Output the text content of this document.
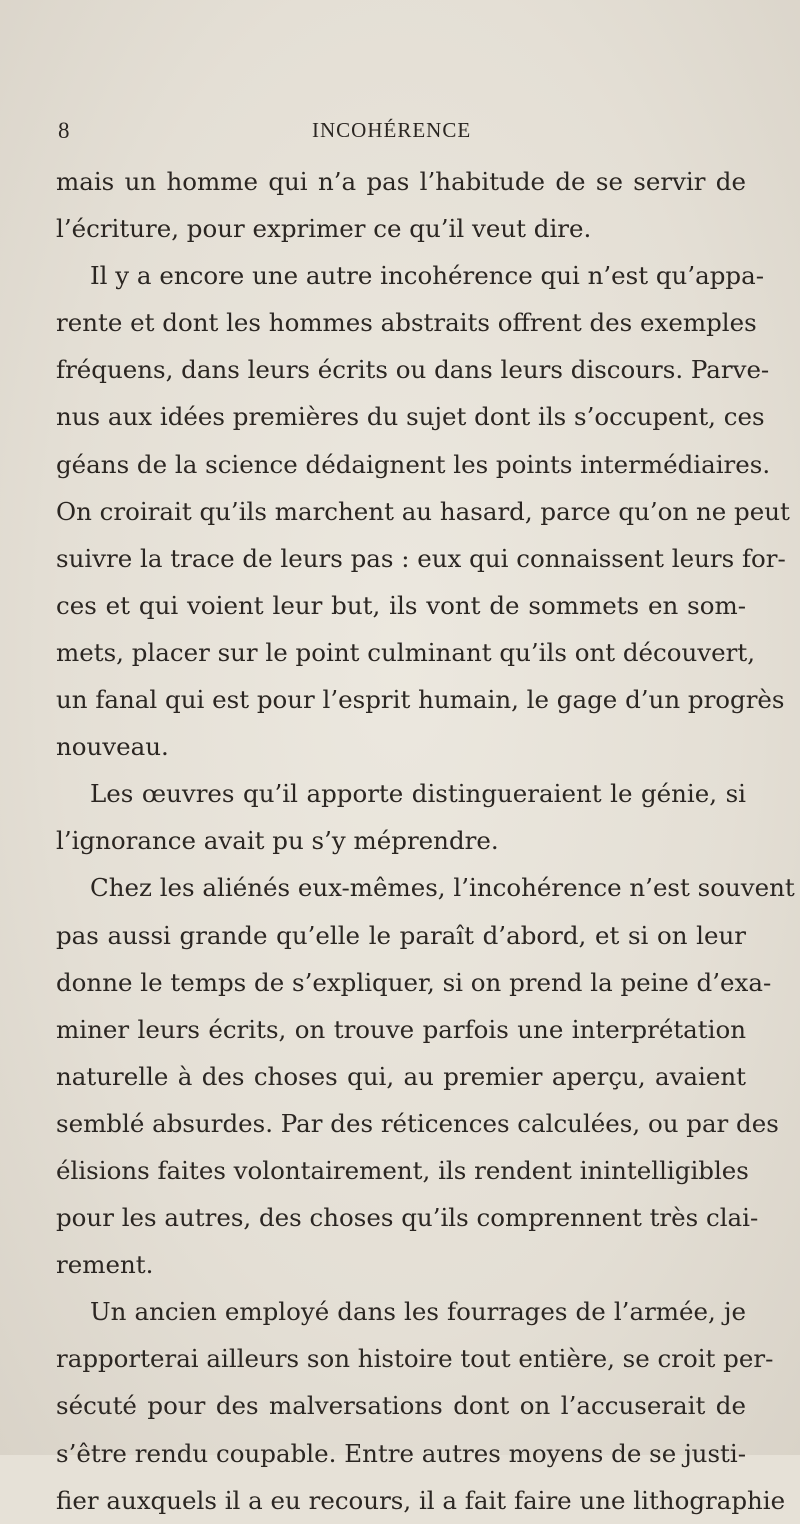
8	INCOHÉRENCE
mais un homme qui n’a pas l’habitude de se servir de
l’écriture, pour exprimer ce qu’il veut dire.
Il y a encore une autre incohérence qui n’est qu’appa-
rente et dont les hommes abstraits offrent des exemples
fréquens, dans leurs écrits ou dans leurs discours. Parve-
nus aux idées premières du sujet dont ils s’occupent, ces
géans de la science dédaignent les points intermédiaires.
On croirait qu’ils marchent au hasard, parce qu’on ne peut
suivre la trace de leurs pas : eux qui connaissent leurs for-
ces et qui voient leur but, ils vont de sommets en som-
mets, placer sur le point culminant qu’ils ont découvert,
un fanal qui est pour l’esprit humain, le gage d’un progrès
nouveau.
Les œuvres qu’il apporte distingueraient le génie, si
l’ignorance avait pu s’y méprendre.
Chez les aliénés eux-mêmes, l’incohérence n’est souvent
pas aussi grande qu’elle le paraît d’abord, et si on leur
donne le temps de s’expliquer, si on prend la peine d’exa-
miner leurs écrits, on trouve parfois une interprétation
naturelle à des choses qui, au premier aperçu, avaient
semblé absurdes. Par des réticences calculées, ou par des
élisions faites volontairement, ils rendent inintelligibles
pour les autres, des choses qu’ils comprennent très clai-
rement.
Un ancien employé dans les fourrages de l’armée, je
rapporterai ailleurs son histoire tout entière, se croit per-
sécuté pour des malversations dont on l’accuserait de
s’être rendu coupable. Entre autres moyens de se justi-
fier auxquels il a eu recours, il a fait faire une lithographie
